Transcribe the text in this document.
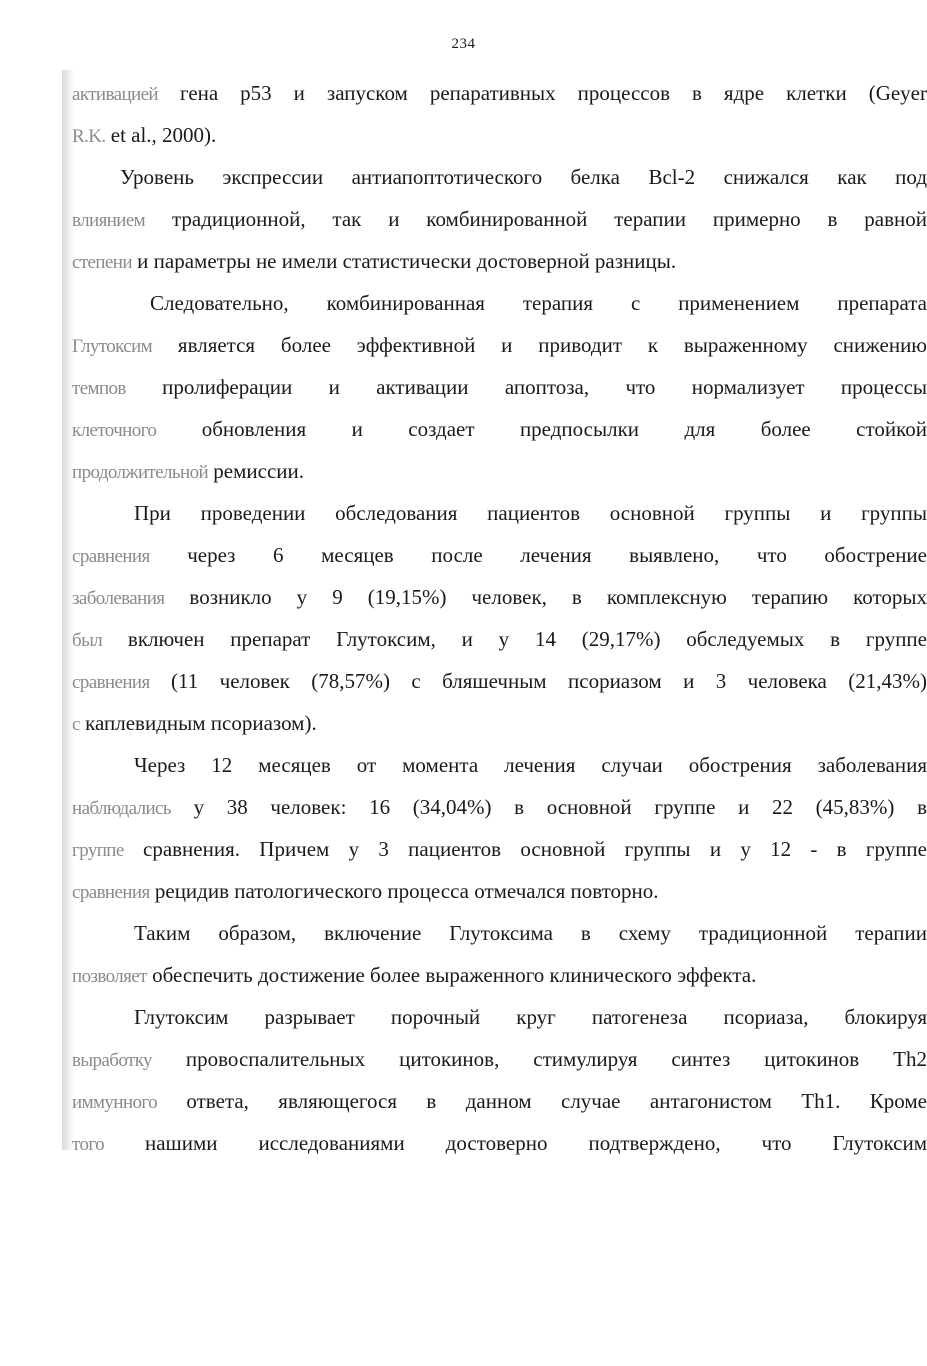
234
активацией гена р53 и запуском репаративных процессов в ядре клетки (Geyer
R.K. et al., 2000).
Уровень экспрессии антиапоптотического белка Bcl-2 снижался как под
влиянием традиционной, так и комбинированной терапии примерно в равной
степени и параметры не имели статистически достоверной разницы.
Следовательно, комбинированная терапия с применением препарата
Глутоксим является более эффективной и приводит к выраженному снижению
темпов пролиферации и активации апоптоза, что нормализует процессы
клеточного обновления и создает предпосылки для более стойкой
продолжительной ремиссии.
При проведении обследования пациентов основной группы и группы
сравнения через 6 месяцев после лечения выявлено, что обострение
заболевания возникло у 9 (19,15%) человек, в комплексную терапию которых
был включен препарат Глутоксим, и у 14 (29,17%) обследуемых в группе
сравнения (11 человек (78,57%) с бляшечным псориазом и 3 человека (21,43%)
с каплевидным псориазом).
Через 12 месяцев от момента лечения случаи обострения заболевания
наблюдались у 38 человек: 16 (34,04%) в основной группе и 22 (45,83%) в
группе сравнения. Причем у 3 пациентов основной группы и у 12 - в группе
сравнения рецидив патологического процесса отмечался повторно.
Таким образом, включение Глутоксима в схему традиционной терапии
позволяет обеспечить достижение более выраженного клинического эффекта.
Глутоксим разрывает порочный круг патогенеза псориаза, блокируя
выработку провоспалительных цитокинов, стимулируя синтез цитокинов Th2
иммунного ответа, являющегося в данном случае антагонистом Th1. Кроме
того нашими исследованиями достоверно подтверждено, что Глутоксим
